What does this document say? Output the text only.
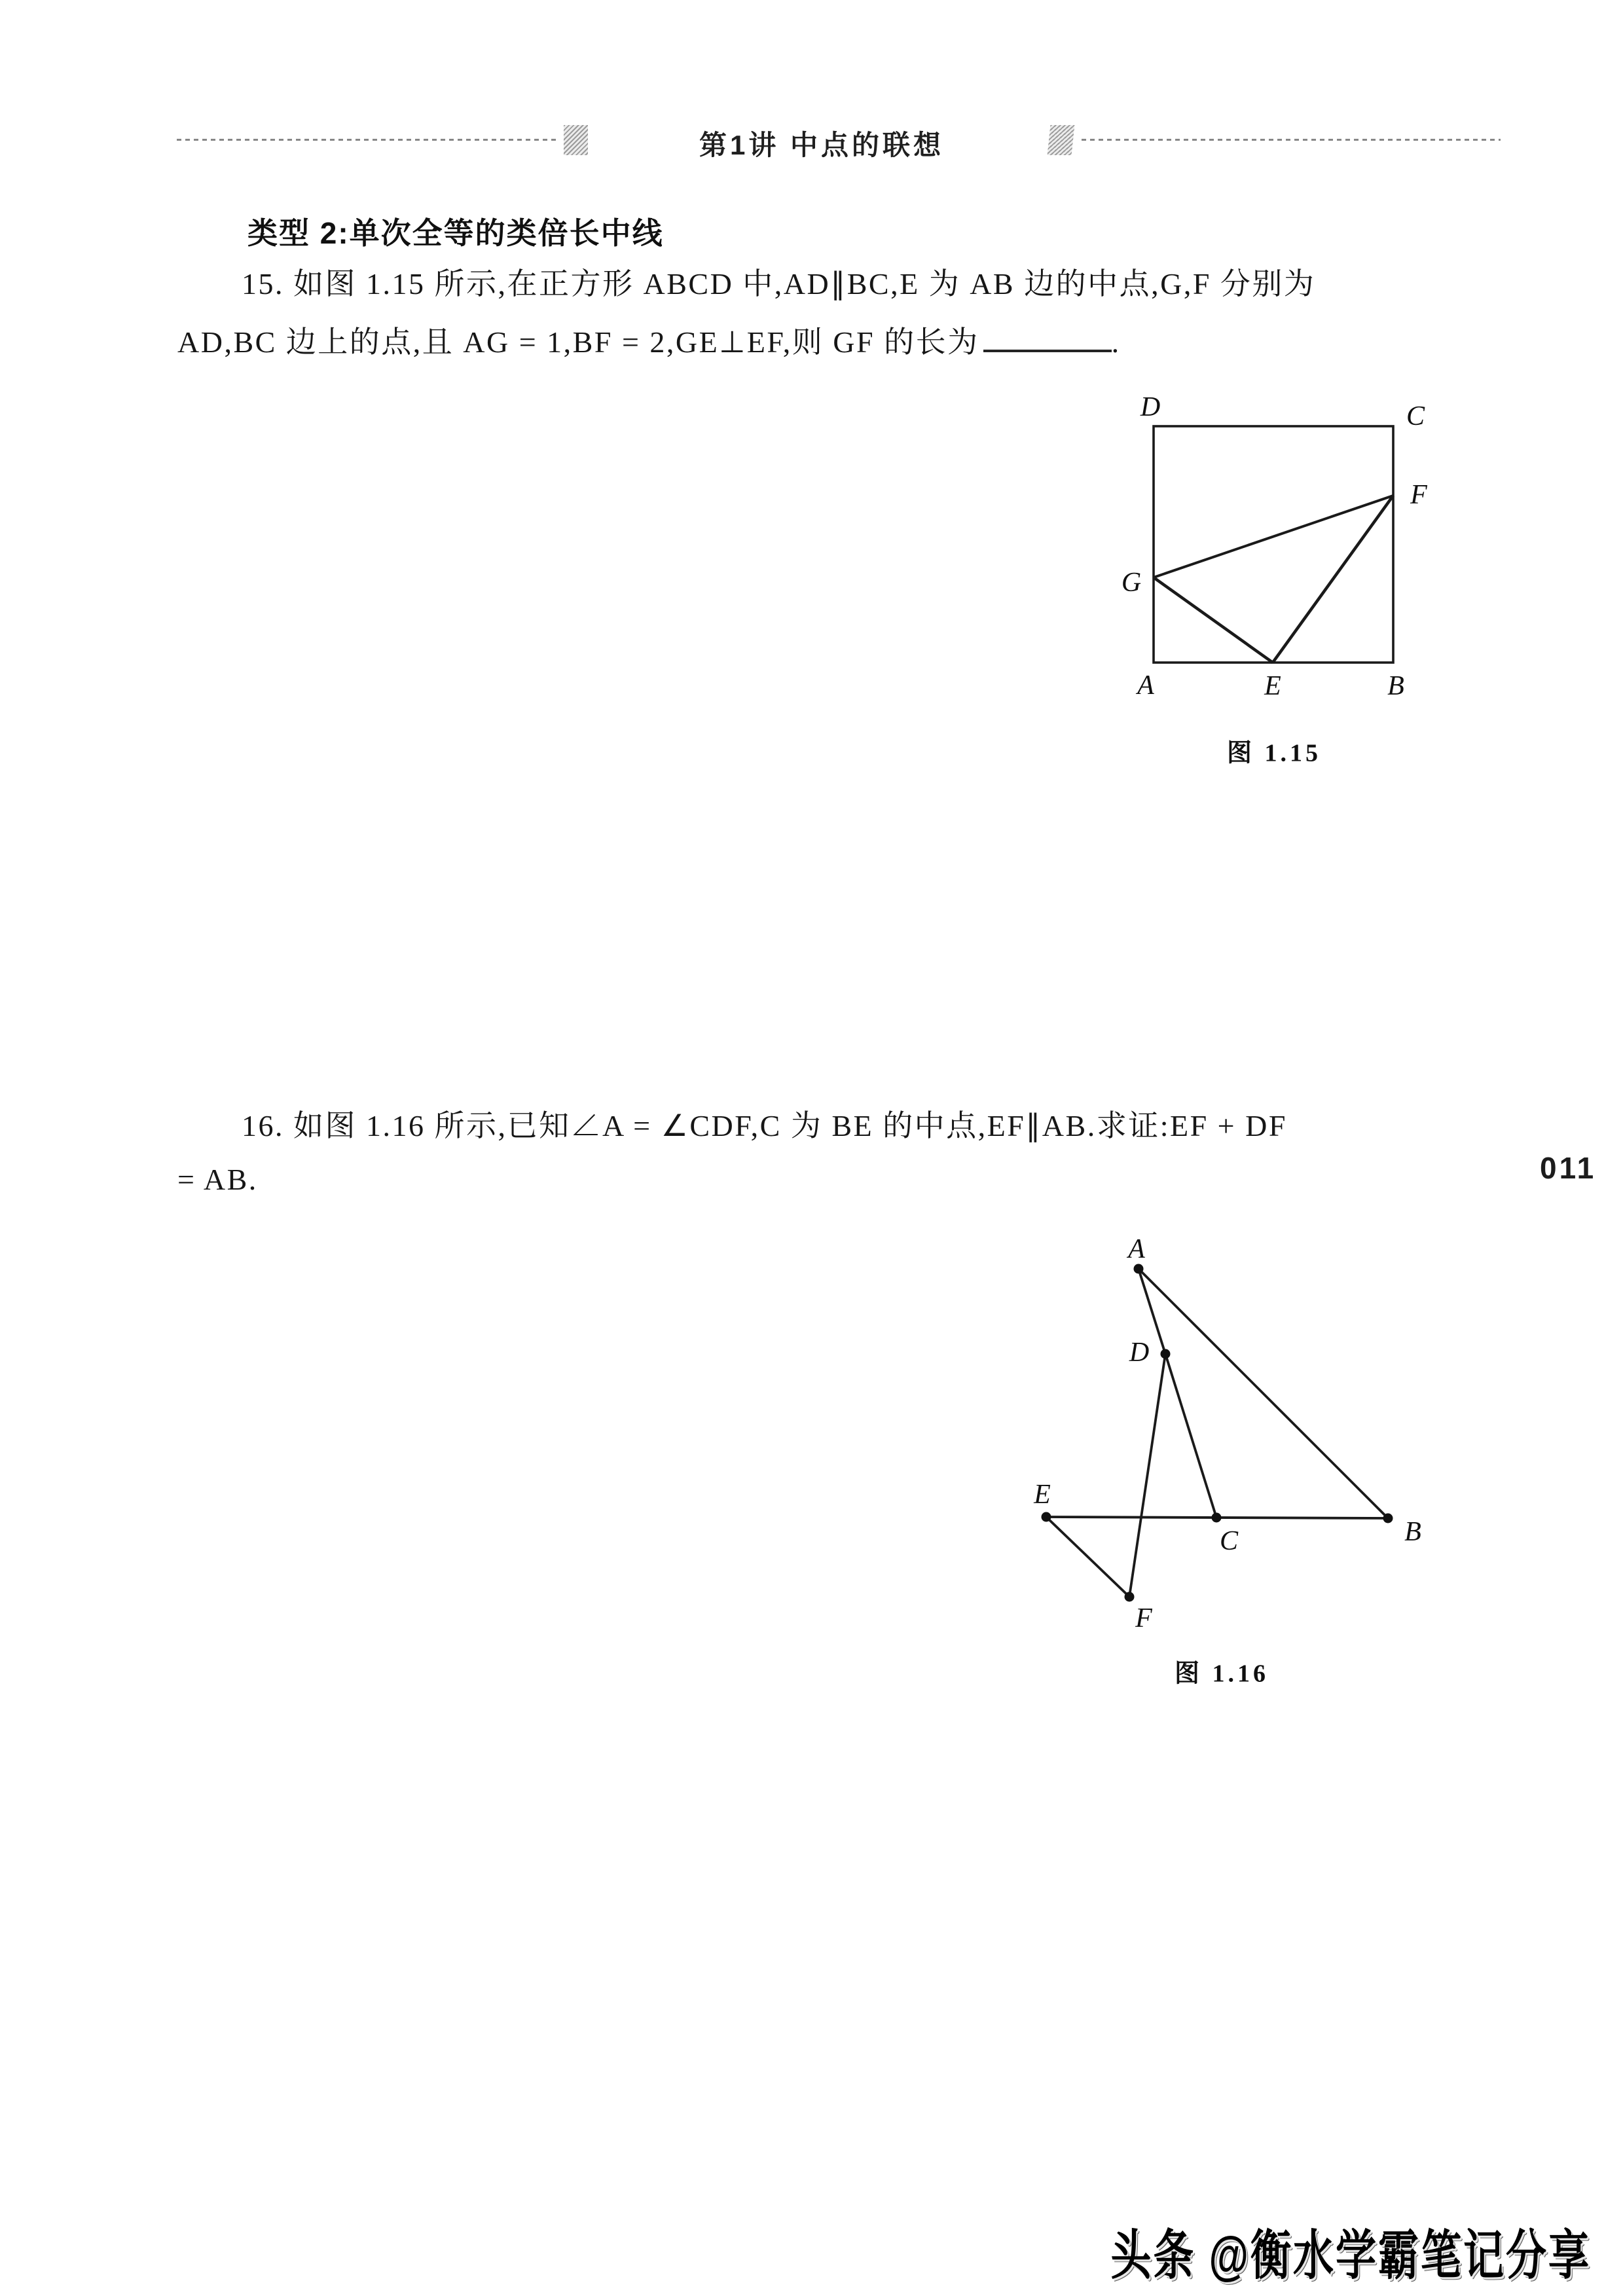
第1讲 中点的联想
类型 2:单次全等的类倍长中线
15. 如图 1.15 所示,在正方形 ABCD 中,AD∥BC,E 为 AB 边的中点,G,F 分别为
AD,BC 边上的点,且 AG = 1,BF = 2,GE⊥EF,则 GF 的长为	.
D	C
F
G
A	E	B
图 1.15
16. 如图 1.16 所示,已知∠A = ∠CDF,C 为 BE 的中点,EF∥AB.求证:EF + DF
= AB.	011
A
D
E
C	B
F
图 1.16
头条 @衡水学霸笔记分享
